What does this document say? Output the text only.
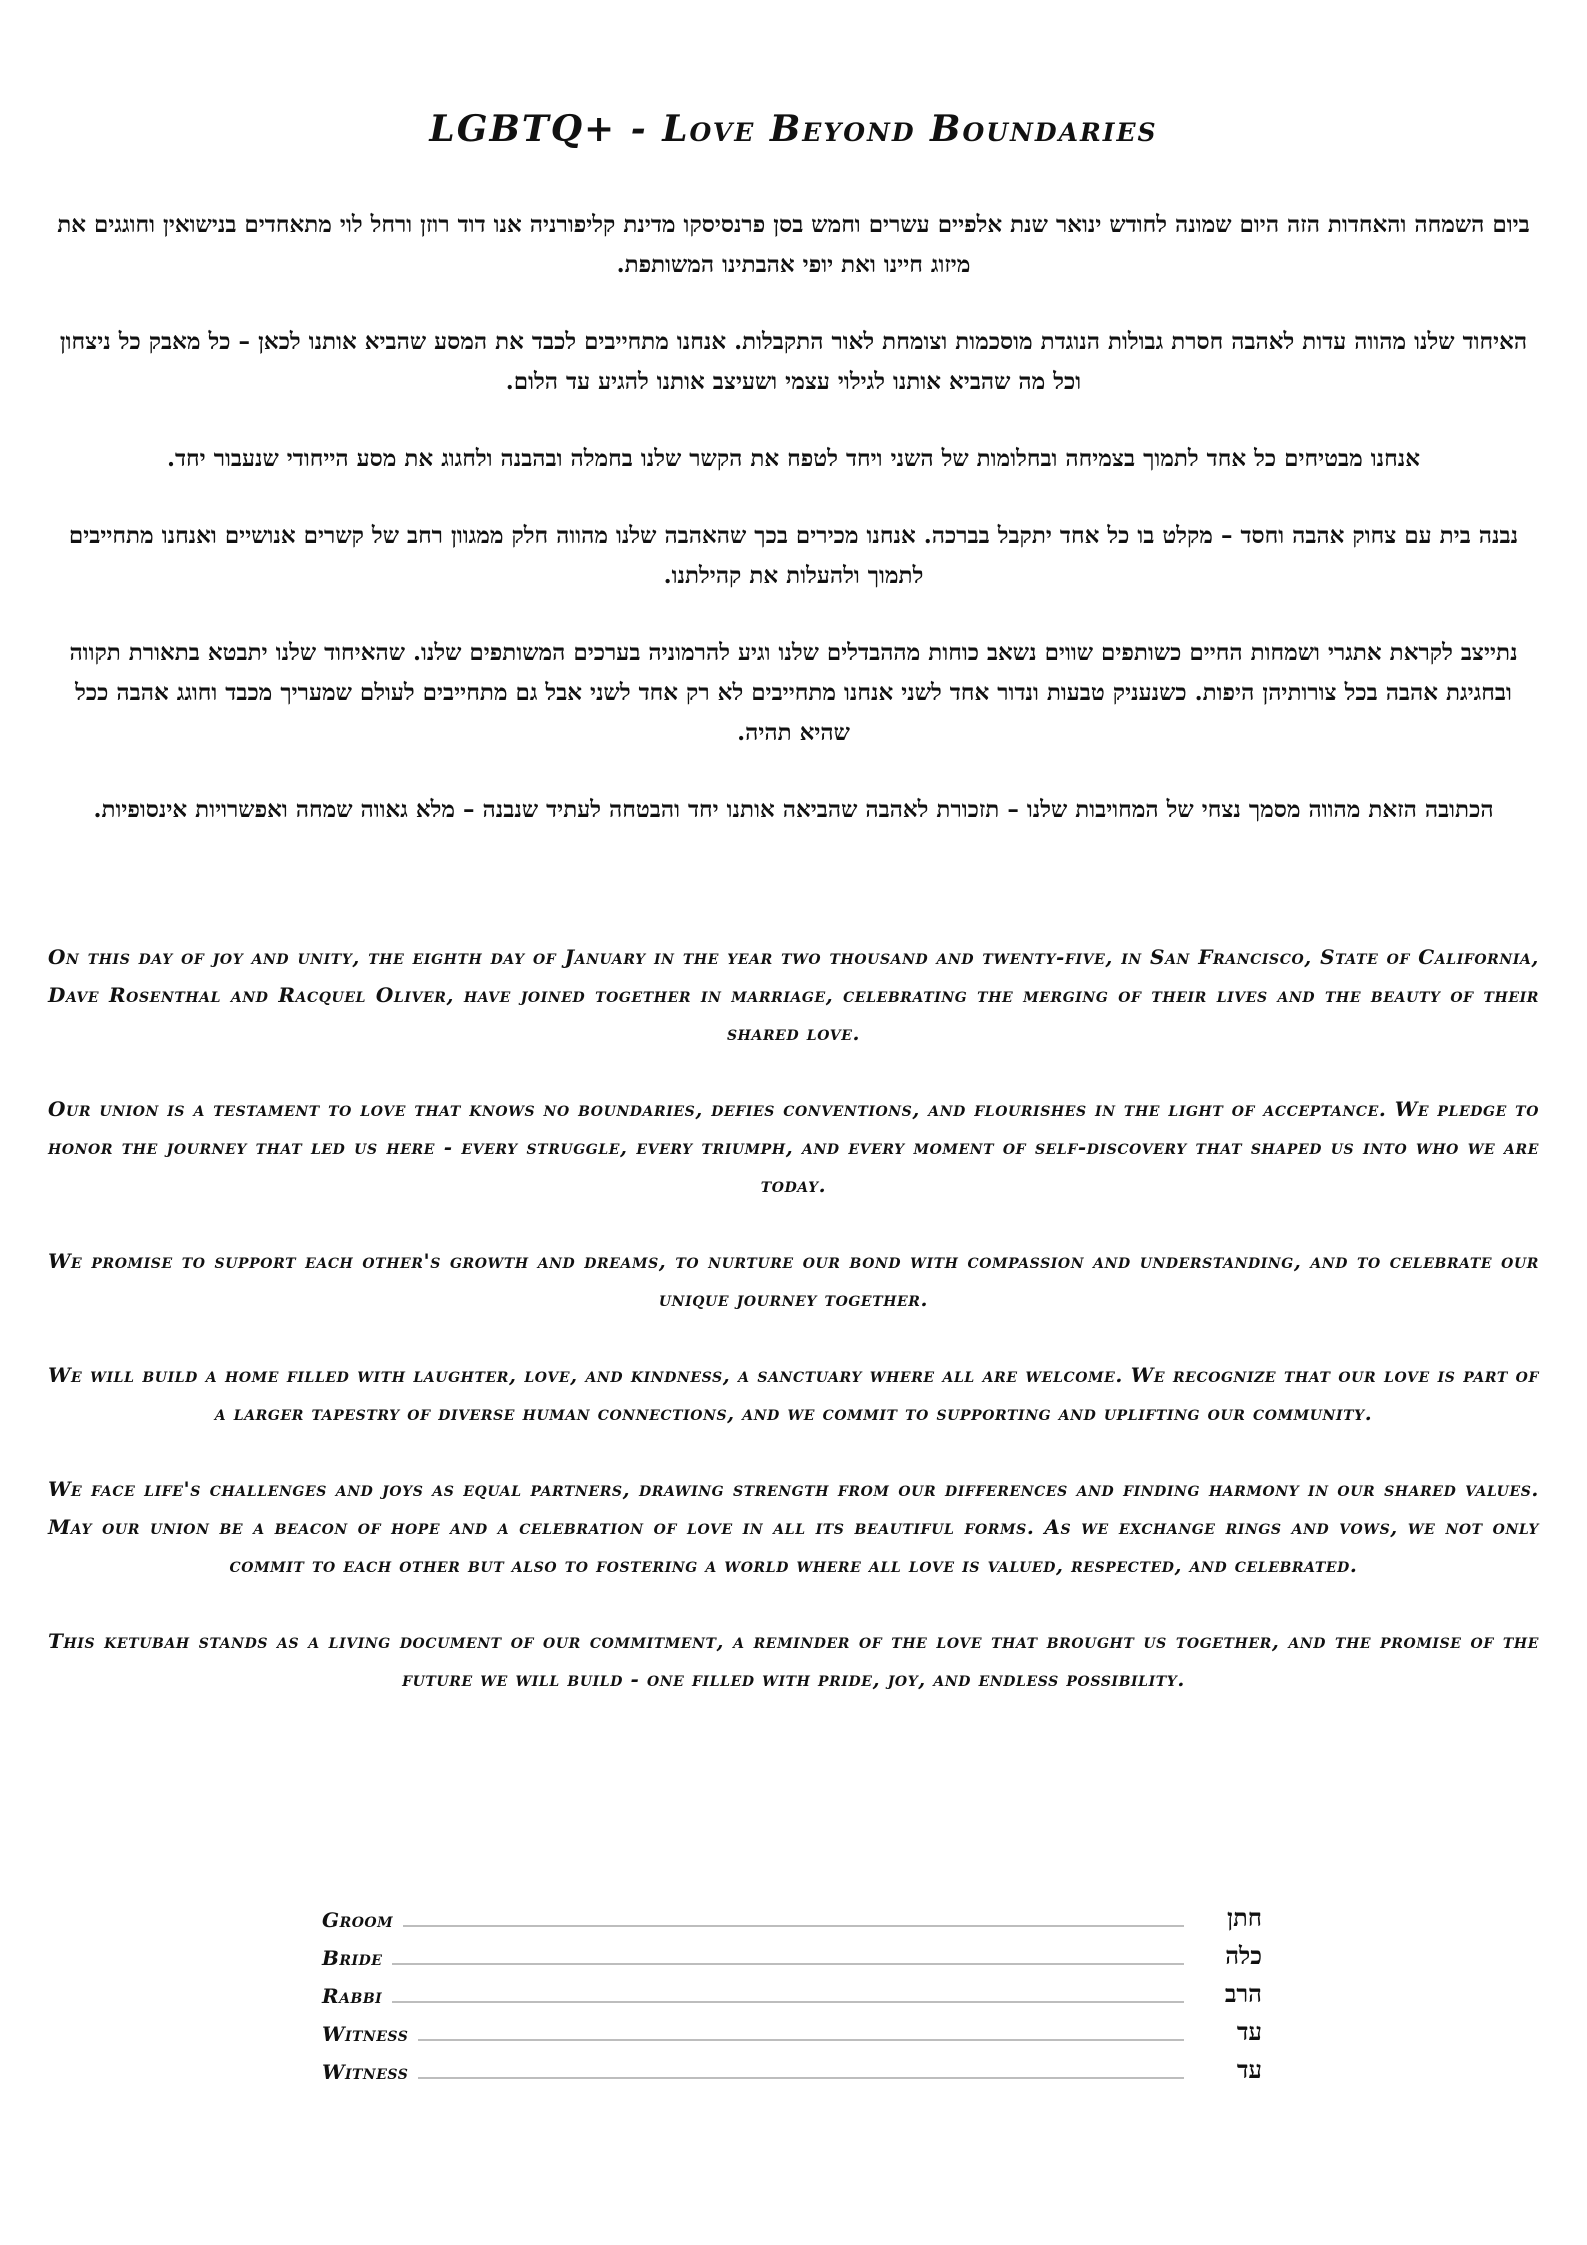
LGBTQ+ - Love Beyond Boundaries

ביום השמחה והאחדות הזה היום שמונה לחודש ינואר שנת אלפיים עשרים וחמש בסן פרנסיסקו מדינת קליפורניה אנו דוד רוזן ורחל לוי מתאחדים בנישואין וחוגגים את מיזוג חיינו ואת יופי אהבתינו המשותפת.

האיחוד שלנו מהווה עדות לאהבה חסרת גבולות הנוגדת מוסכמות וצומחת לאור התקבלות. אנחנו מתחייבים לכבד את המסע שהביא אותנו לכאן – כל מאבק כל ניצחון וכל מה שהביא אותנו לגילוי עצמי ושעיצב אותנו להגיע עד הלום.

אנחנו מבטיחים כל אחד לתמוך בצמיחה ובחלומות של השני ויחד לטפח את הקשר שלנו בחמלה ובהבנה ולחגוג את מסע הייחודי שנעבור יחד.

נבנה בית עם צחוק אהבה וחסד – מקלט בו כל אחד יתקבל בברכה. אנחנו מכירים בכך שהאהבה שלנו מהווה חלק ממגוון רחב של קשרים אנושיים ואנחנו מתחייבים לתמוך ולהעלות את קהילתנו.

נתייצב לקראת אתגרי ושמחות החיים כשותפים שווים נשאב כוחות מההבדלים שלנו וגיע להרמוניה בערכים המשותפים שלנו. שהאיחוד שלנו יתבטא בתאורת תקווה ובחגיגת אהבה בכל צורותיהן היפות. כשנעניק טבעות ונדור אחד לשני אנחנו מתחייבים לא רק אחד לשני אבל גם מתחייבים לעולם שמעריך מכבד וחוגג אהבה ככל שהיא תהיה.

הכתובה הזאת מהווה מסמך נצחי של המחויבות שלנו – תזכורת לאהבה שהביאה אותנו יחד והבטחה לעתיד שנבנה – מלא גאווה שמחה ואפשרויות אינסופיות.

On this day of joy and unity, the eighth day of January in the year two thousand and twenty-five, in San Francisco, State of California, Dave Rosenthal and Racquel Oliver, have joined together in marriage, celebrating the merging of their lives and the beauty of their shared love.

Our union is a testament to love that knows no boundaries, defies conventions, and flourishes in the light of acceptance. We pledge to honor the journey that led us here - every struggle, every triumph, and every moment of self-discovery that shaped us into who we are today.

We promise to support each other's growth and dreams, to nurture our bond with compassion and understanding, and to celebrate our unique journey together.

We will build a home filled with laughter, love, and kindness, a sanctuary where all are welcome. We recognize that our love is part of a larger tapestry of diverse human connections, and we commit to supporting and uplifting our community.

We face life's challenges and joys as equal partners, drawing strength from our differences and finding harmony in our shared values. May our union be a beacon of hope and a celebration of love in all its beautiful forms. As we exchange rings and vows, we not only commit to each other but also to fostering a world where all love is valued, respected, and celebrated.

This ketubah stands as a living document of our commitment, a reminder of the love that brought us together, and the promise of the future we will build - one filled with pride, joy, and endless possibility.

Groom	חתן
Bride	כלה
Rabbi	הרב
Witness	עד
Witness	עד
